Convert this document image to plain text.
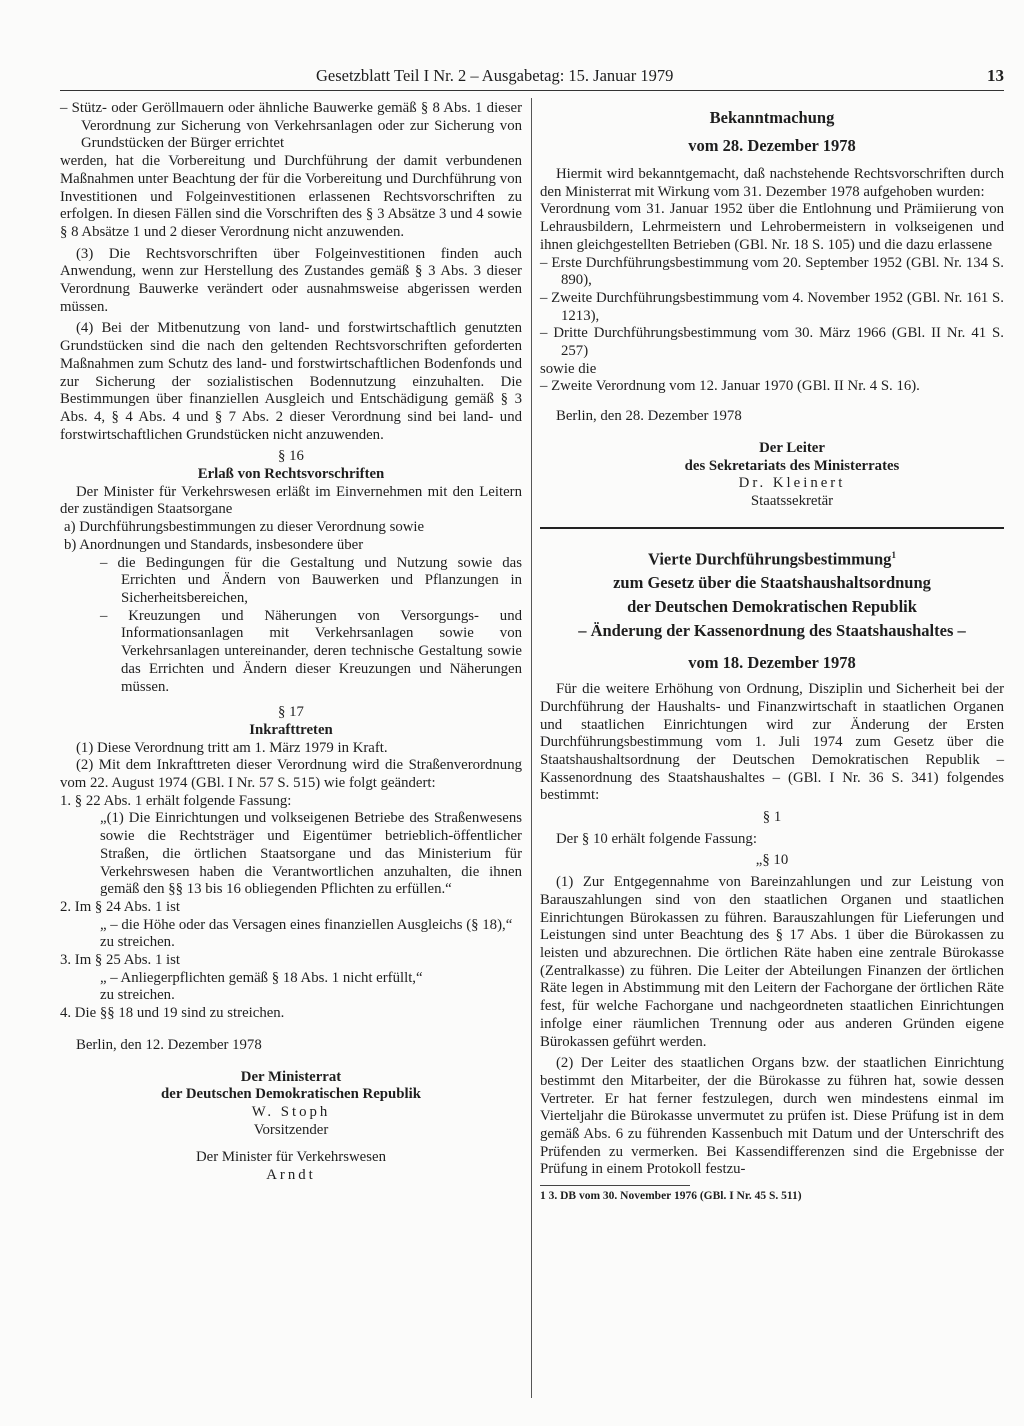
Gesetzblatt Teil I Nr. 2 – Ausgabetag: 15. Januar 1979	13

– Stütz- oder Geröllmauern oder ähnliche Bauwerke gemäß § 8 Abs. 1 dieser Verordnung zur Sicherung von Verkehrsanlagen oder zur Sicherung von Grundstücken der Bürger errichtet

werden, hat die Vorbereitung und Durchführung der damit verbundenen Maßnahmen unter Beachtung der für die Vorbereitung und Durchführung von Investitionen und Folgeinvestitionen erlassenen Rechtsvorschriften zu erfolgen. In diesen Fällen sind die Vorschriften des § 3 Absätze 3 und 4 sowie § 8 Absätze 1 und 2 dieser Verordnung nicht anzuwenden.

(3) Die Rechtsvorschriften über Folgeinvestitionen finden auch Anwendung, wenn zur Herstellung des Zustandes gemäß § 3 Abs. 3 dieser Verordnung Bauwerke verändert oder ausnahmsweise abgerissen werden müssen.

(4) Bei der Mitbenutzung von land- und forstwirtschaftlich genutzten Grundstücken sind die nach den geltenden Rechtsvorschriften geforderten Maßnahmen zum Schutz des land- und forstwirtschaftlichen Bodenfonds und zur Sicherung der sozialistischen Bodennutzung einzuhalten. Die Bestimmungen über finanziellen Ausgleich und Entschädigung gemäß § 3 Abs. 4, § 4 Abs. 4 und § 7 Abs. 2 dieser Verordnung sind bei land- und forstwirtschaftlichen Grundstücken nicht anzuwenden.

§ 16

Erlaß von Rechtsvorschriften

Der Minister für Verkehrswesen erläßt im Einvernehmen mit den Leitern der zuständigen Staatsorgane

a) Durchführungsbestimmungen zu dieser Verordnung sowie

b) Anordnungen und Standards, insbesondere über

– die Bedingungen für die Gestaltung und Nutzung sowie das Errichten und Ändern von Bauwerken und Pflanzungen in Sicherheitsbereichen,

– Kreuzungen und Näherungen von Versorgungs- und Informationsanlagen mit Verkehrsanlagen sowie von Verkehrsanlagen untereinander, deren technische Gestaltung sowie das Errichten und Ändern dieser Kreuzungen und Näherungen müssen.

§ 17

Inkrafttreten

(1) Diese Verordnung tritt am 1. März 1979 in Kraft.

(2) Mit dem Inkrafttreten dieser Verordnung wird die Straßenverordnung vom 22. August 1974 (GBl. I Nr. 57 S. 515) wie folgt geändert:

1. § 22 Abs. 1 erhält folgende Fassung:

„(1) Die Einrichtungen und volkseigenen Betriebe des Straßenwesens sowie die Rechtsträger und Eigentümer betrieblich-öffentlicher Straßen, die örtlichen Staatsorgane und das Ministerium für Verkehrswesen haben die Verantwortlichen anzuhalten, die ihnen gemäß den §§ 13 bis 16 obliegenden Pflichten zu erfüllen.“

2. Im § 24 Abs. 1 ist

„ – die Höhe oder das Versagen eines finanziellen Ausgleichs (§ 18),“

zu streichen.

3. Im § 25 Abs. 1 ist

„ – Anliegerpflichten gemäß § 18 Abs. 1 nicht erfüllt,“

zu streichen.

4. Die §§ 18 und 19 sind zu streichen.

Berlin, den 12. Dezember 1978

Der Ministerrat

der Deutschen Demokratischen Republik

W. Stoph

Vorsitzender

Der Minister für Verkehrswesen

Arndt

Bekanntmachung
vom 28. Dezember 1978

Hiermit wird bekanntgemacht, daß nachstehende Rechtsvorschriften durch den Ministerrat mit Wirkung vom 31. Dezember 1978 aufgehoben wurden:

Verordnung vom 31. Januar 1952 über die Entlohnung und Prämiierung von Lehrausbildern, Lehrmeistern und Lehrobermeistern in volkseigenen und ihnen gleichgestellten Betrieben (GBl. Nr. 18 S. 105) und die dazu erlassene

– Erste Durchführungsbestimmung vom 20. September 1952 (GBl. Nr. 134 S. 890),

– Zweite Durchführungsbestimmung vom 4. November 1952 (GBl. Nr. 161 S. 1213),

– Dritte Durchführungsbestimmung vom 30. März 1966 (GBl. II Nr. 41 S. 257)

sowie die

– Zweite Verordnung vom 12. Januar 1970 (GBl. II Nr. 4 S. 16).

Berlin, den 28. Dezember 1978

Der Leiter

des Sekretariats des Ministerrates

Dr. Kleinert

Staatssekretär

Vierte Durchführungsbestimmung$^1$
zum Gesetz über die Staatshaushaltsordnung
der Deutschen Demokratischen Republik
– Änderung der Kassenordnung des Staatshaushaltes –
vom 18. Dezember 1978

Für die weitere Erhöhung von Ordnung, Disziplin und Sicherheit bei der Durchführung der Haushalts- und Finanzwirtschaft in staatlichen Organen und staatlichen Einrichtungen wird zur Änderung der Ersten Durchführungsbestimmung vom 1. Juli 1974 zum Gesetz über die Staatshaushaltsordnung der Deutschen Demokratischen Republik – Kassenordnung des Staatshaushaltes – (GBl. I Nr. 36 S. 341) folgendes bestimmt:

§ 1

Der § 10 erhält folgende Fassung:

„§ 10

(1) Zur Entgegennahme von Bareinzahlungen und zur Leistung von Barauszahlungen sind von den staatlichen Organen und staatlichen Einrichtungen Bürokassen zu führen. Barauszahlungen für Lieferungen und Leistungen sind unter Beachtung des § 17 Abs. 1 über die Bürokassen zu leisten und abzurechnen. Die örtlichen Räte haben eine zentrale Bürokasse (Zentralkasse) zu führen. Die Leiter der Abteilungen Finanzen der örtlichen Räte legen in Abstimmung mit den Leitern der Fachorgane der örtlichen Räte fest, für welche Fachorgane und nachgeordneten staatlichen Einrichtungen infolge einer räumlichen Trennung oder aus anderen Gründen eigene Bürokassen geführt werden.

(2) Der Leiter des staatlichen Organs bzw. der staatlichen Einrichtung bestimmt den Mitarbeiter, der die Bürokasse zu führen hat, sowie dessen Vertreter. Er hat ferner festzulegen, durch wen mindestens einmal im Vierteljahr die Bürokasse unvermutet zu prüfen ist. Diese Prüfung ist in dem gemäß Abs. 6 zu führenden Kassenbuch mit Datum und der Unterschrift des Prüfenden zu vermerken. Bei Kassendifferenzen sind die Ergebnisse der Prüfung in einem Protokoll festzu-

1 3. DB vom 30. November 1976 (GBl. I Nr. 45 S. 511)
